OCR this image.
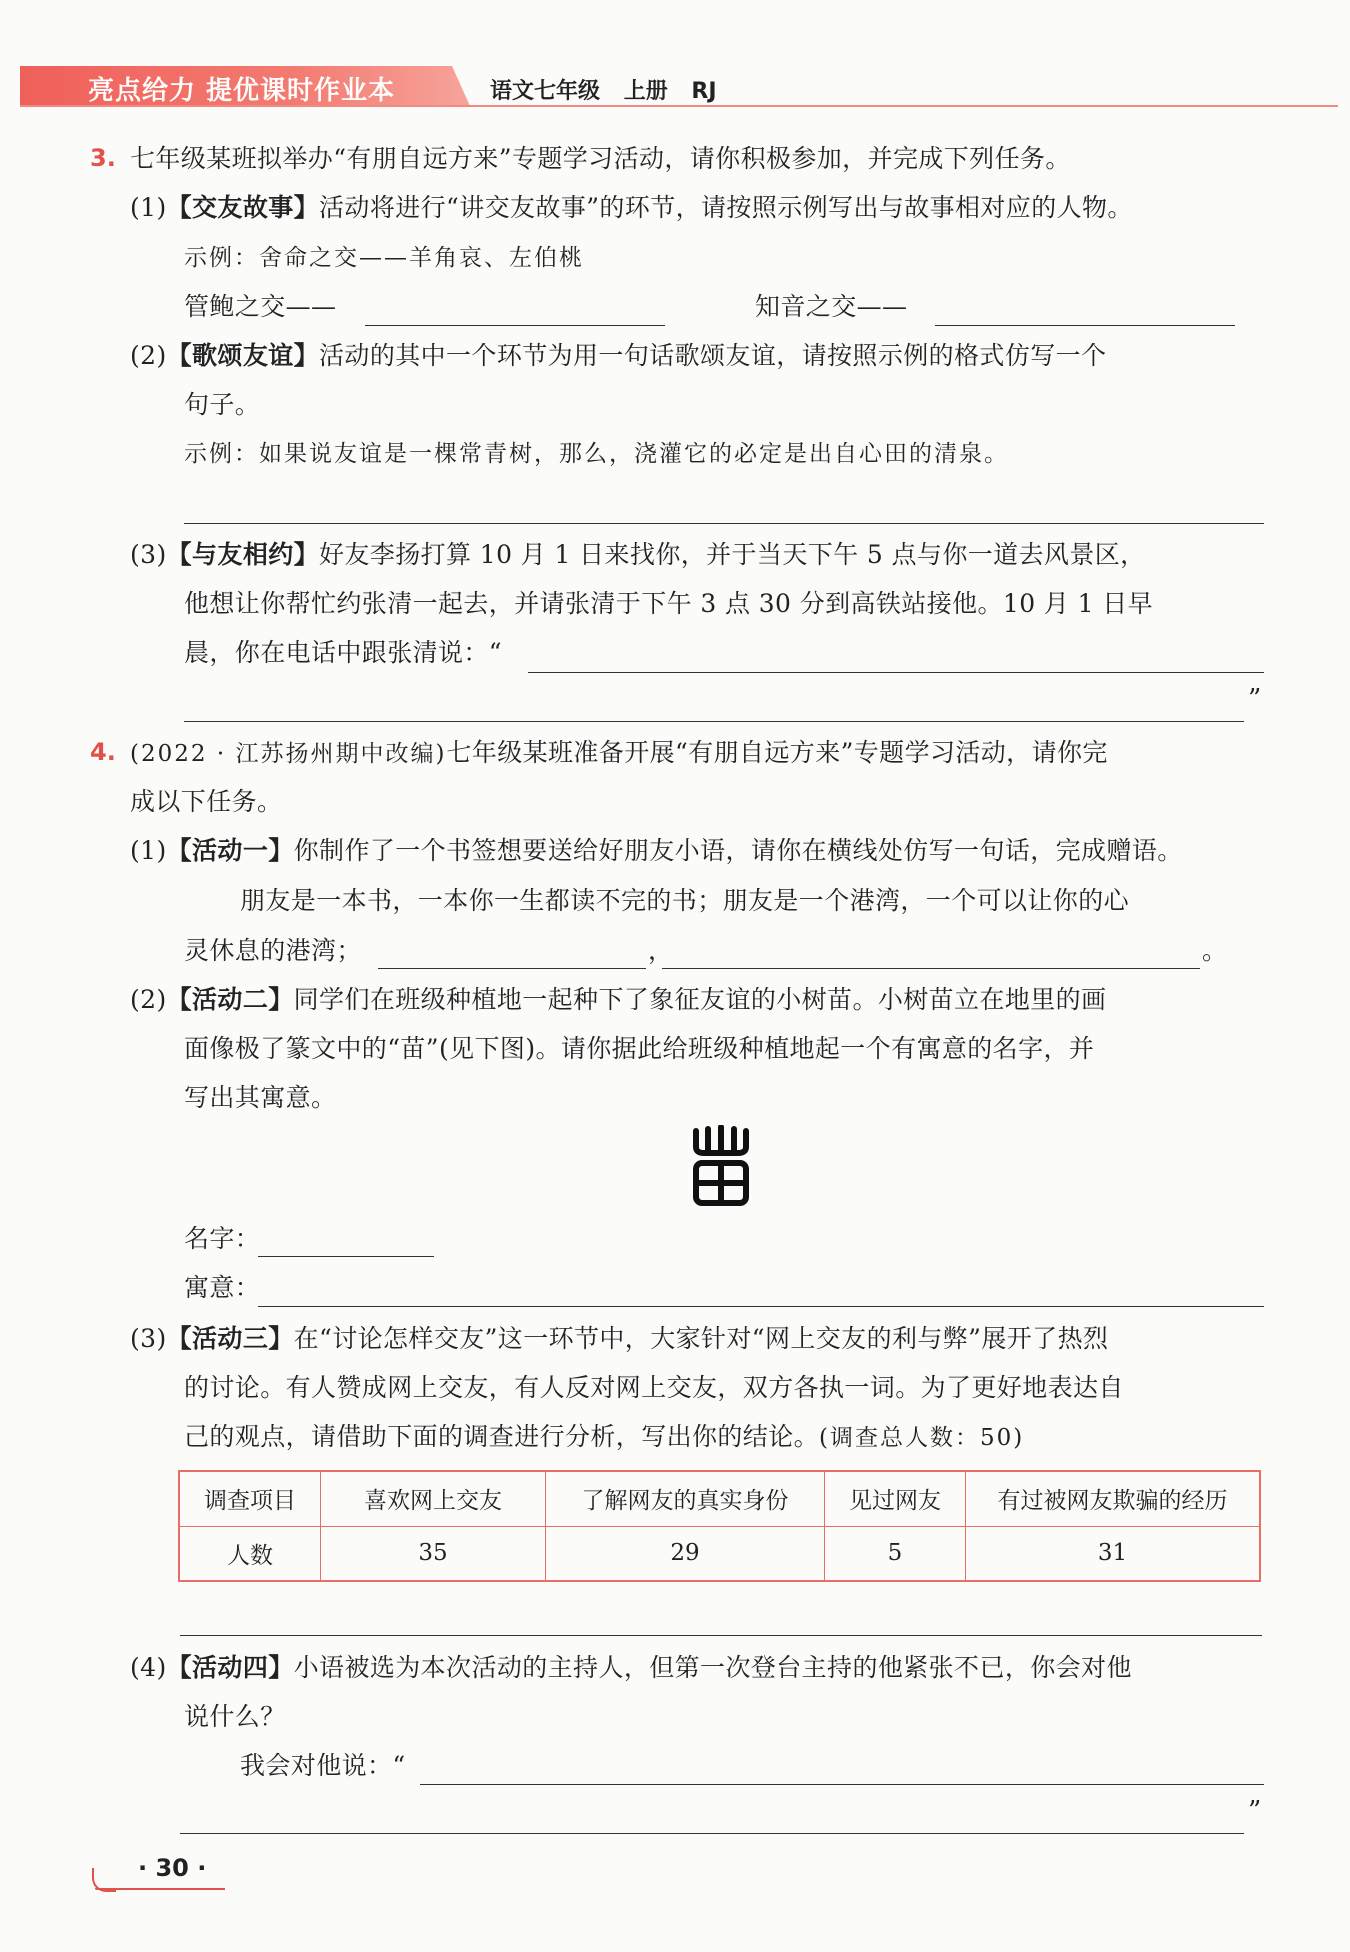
亮点给力 提优课时作业本	语文七年级 上册 RJ
3. 七年级某班拟举办“有朋自远方来”专题学习活动，请你积极参加，并完成下列任务。
(1)【交友故事】活动将进行“讲交友故事”的环节，请按照示例写出与故事相对应的人物。
示例：舍命之交——羊角哀、左伯桃
管鲍之交——	知音之交——
(2)【歌颂友谊】活动的其中一个环节为用一句话歌颂友谊，请按照示例的格式仿写一个
句子。
示例：如果说友谊是一棵常青树，那么，浇灌它的必定是出自心田的清泉。
(3)【与友相约】好友李扬打算 10 月 1 日来找你，并于当天下午 5 点与你一道去风景区，
他想让你帮忙约张清一起去，并请张清于下午 3 点 30 分到高铁站接他。10 月 1 日早
晨，你在电话中跟张清说：“
”
4. (2022 · 江苏扬州期中改编)七年级某班准备开展“有朋自远方来”专题学习活动，请你完
成以下任务。
(1)【活动一】你制作了一个书签想要送给好朋友小语，请你在横线处仿写一句话，完成赠语。
朋友是一本书，一本你一生都读不完的书；朋友是一个港湾，一个可以让你的心
灵休息的港湾；	，	。
(2)【活动二】同学们在班级种植地一起种下了象征友谊的小树苗。小树苗立在地里的画
面像极了篆文中的“苗”(见下图)。请你据此给班级种植地起一个有寓意的名字，并
写出其寓意。
名字：
寓意：
(3)【活动三】在“讨论怎样交友”这一环节中，大家针对“网上交友的利与弊”展开了热烈
的讨论。有人赞成网上交友，有人反对网上交友，双方各执一词。为了更好地表达自
己的观点，请借助下面的调查进行分析，写出你的结论。(调查总人数：50)
调查项目	喜欢网上交友	了解网友的真实身份	见过网友	有过被网友欺骗的经历
人数	35	29	5	31
(4)【活动四】小语被选为本次活动的主持人，但第一次登台主持的他紧张不已，你会对他
说什么？
我会对他说：“
”
· 30 ·
